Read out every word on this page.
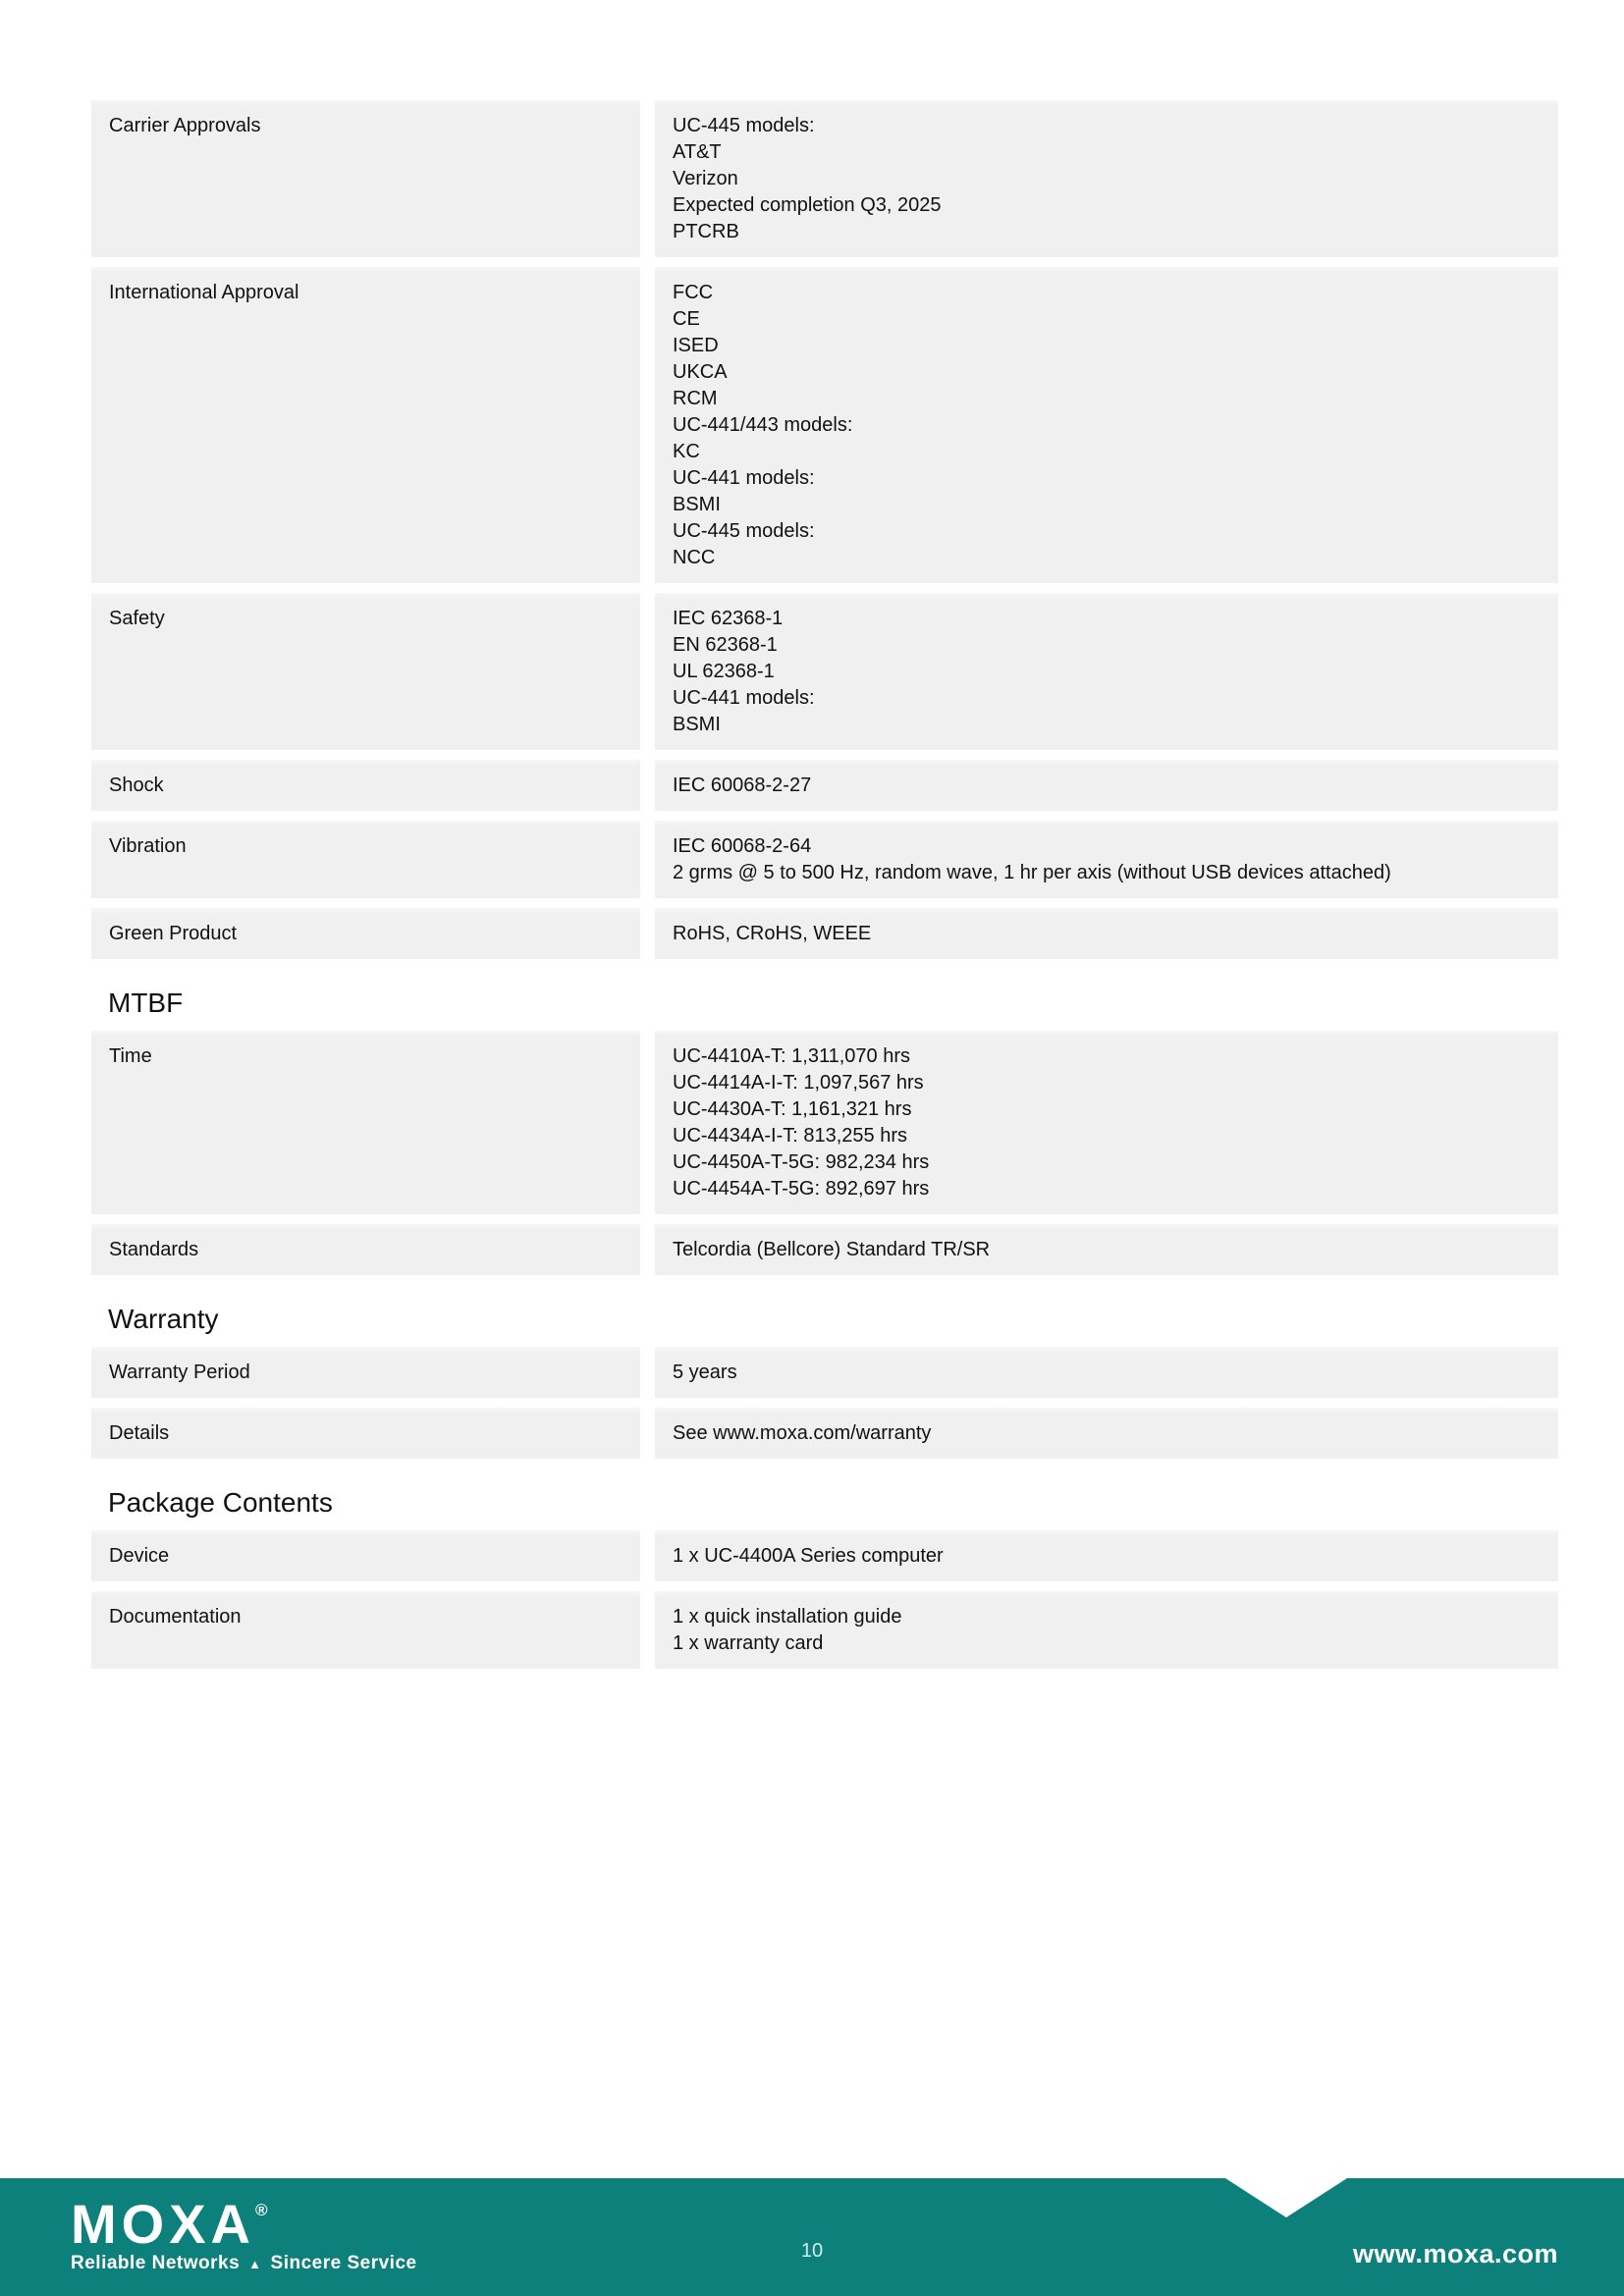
Carrier Approvals	UC-445 models:
AT&T
Verizon
Expected completion Q3, 2025
PTCRB
International Approval	FCC
CE
ISED
UKCA
RCM
UC-441/443 models:
KC
UC-441 models:
BSMI
UC-445 models:
NCC
Safety	IEC 62368-1
EN 62368-1
UL 62368-1
UC-441 models:
BSMI
Shock	IEC 60068-2-27
Vibration	IEC 60068-2-64
2 grms @ 5 to 500 Hz, random wave, 1 hr per axis (without USB devices attached)
Green Product	RoHS, CRoHS, WEEE
MTBF
Time	UC-4410A-T: 1,311,070 hrs
UC-4414A-I-T: 1,097,567 hrs
UC-4430A-T: 1,161,321 hrs
UC-4434A-I-T: 813,255 hrs
UC-4450A-T-5G: 982,234 hrs
UC-4454A-T-5G: 892,697 hrs
Standards	Telcordia (Bellcore) Standard TR/SR
Warranty
Warranty Period	5 years
Details	See www.moxa.com/warranty
Package Contents
Device	1 x UC-4400A Series computer
Documentation	1 x quick installation guide
1 x warranty card
MOXA®
Reliable Networks ▲ Sincere Service
10	www.moxa.com
